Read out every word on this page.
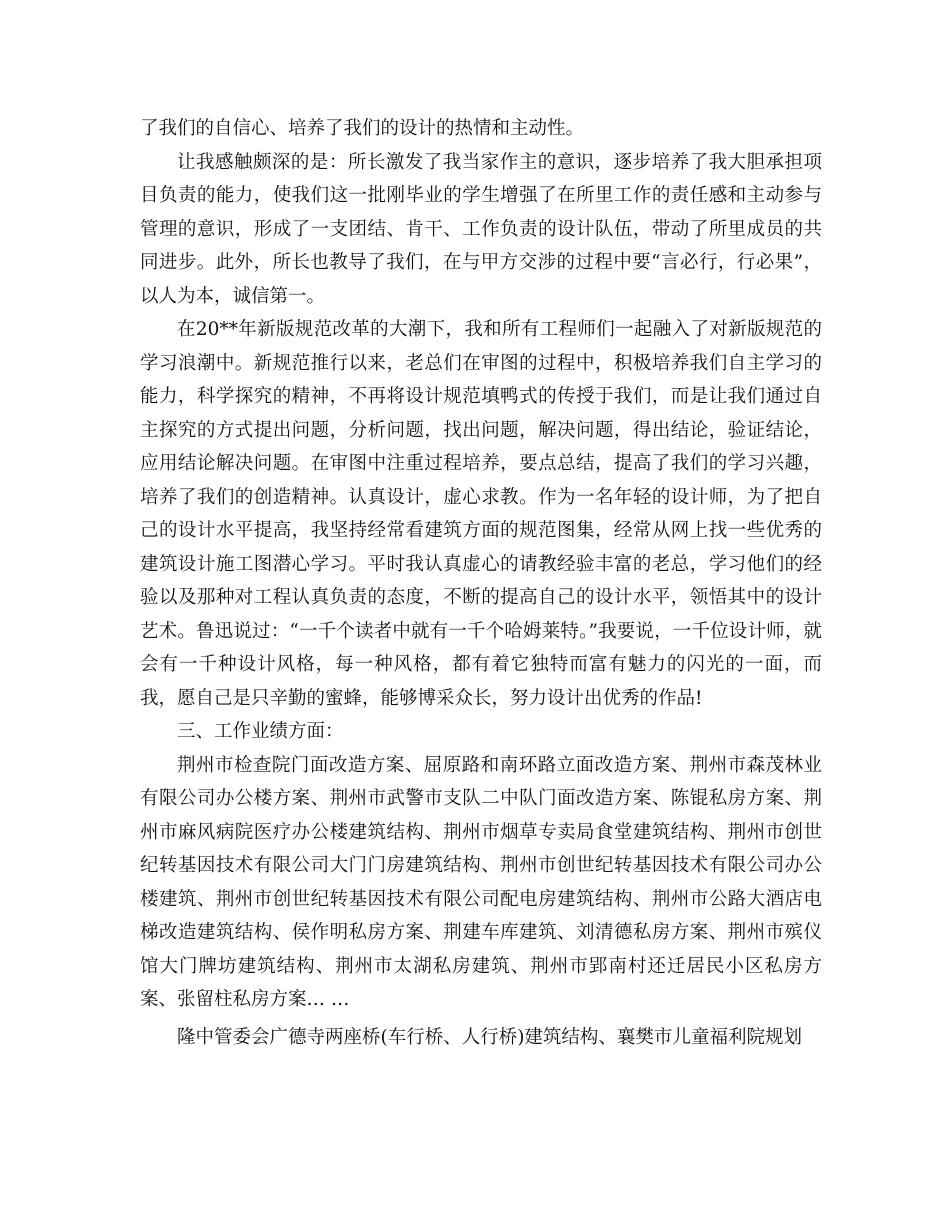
了我们的自信心、培养了我们的设计的热情和主动性。

让我感触颇深的是：所长激发了我当家作主的意识，逐步培养了我大胆承担项目负责的能力，使我们这一批刚毕业的学生增强了在所里工作的责任感和主动参与管理的意识，形成了一支团结、肯干、工作负责的设计队伍，带动了所里成员的共同进步。此外，所长也教导了我们，在与甲方交涉的过程中要“言必行，行必果”，以人为本，诚信第一。

在20**年新版规范改革的大潮下，我和所有工程师们一起融入了对新版规范的学习浪潮中。新规范推行以来，老总们在审图的过程中，积极培养我们自主学习的能力，科学探究的精神，不再将设计规范填鸭式的传授于我们，而是让我们通过自主探究的方式提出问题，分析问题，找出问题，解决问题，得出结论，验证结论，应用结论解决问题。在审图中注重过程培养，要点总结，提高了我们的学习兴趣，培养了我们的创造精神。认真设计，虚心求教。作为一名年轻的设计师，为了把自己的设计水平提高，我坚持经常看建筑方面的规范图集，经常从网上找一些优秀的建筑设计施工图潜心学习。平时我认真虚心的请教经验丰富的老总，学习他们的经验以及那种对工程认真负责的态度，不断的提高自己的设计水平，领悟其中的设计艺术。鲁迅说过：“一千个读者中就有一千个哈姆莱特。”我要说，一千位设计师，就会有一千种设计风格，每一种风格，都有着它独特而富有魅力的闪光的一面，而我，愿自己是只辛勤的蜜蜂，能够博采众长，努力设计出优秀的作品!

三、工作业绩方面：

荆州市检查院门面改造方案、屈原路和南环路立面改造方案、荆州市森茂林业有限公司办公楼方案、荆州市武警市支队二中队门面改造方案、陈锟私房方案、荆州市麻风病院医疗办公楼建筑结构、荆州市烟草专卖局食堂建筑结构、荆州市创世纪转基因技术有限公司大门门房建筑结构、荆州市创世纪转基因技术有限公司办公楼建筑、荆州市创世纪转基因技术有限公司配电房建筑结构、荆州市公路大酒店电梯改造建筑结构、侯作明私房方案、荆建车库建筑、刘清德私房方案、荆州市殡仪馆大门牌坊建筑结构、荆州市太湖私房建筑、荆州市郢南村还迁居民小区私房方案、张留柱私房方案… …

隆中管委会广德寺两座桥(车行桥、人行桥)建筑结构、襄樊市儿童福利院规划
